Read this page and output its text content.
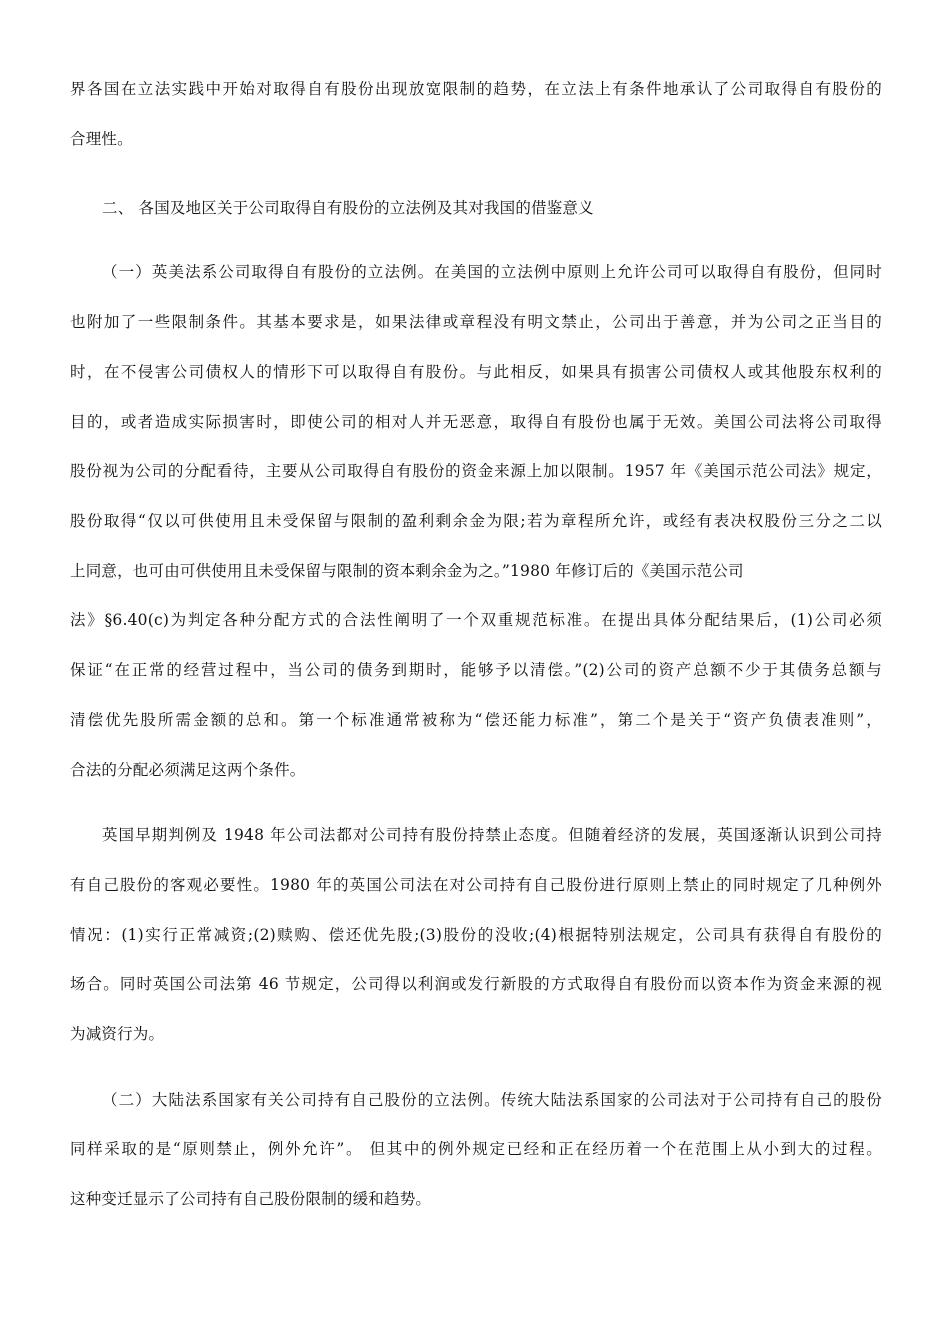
界各国在立法实践中开始对取得自有股份出现放宽限制的趋势，在立法上有条件地承认了公司取得自有股份的
合理性。
二、 各国及地区关于公司取得自有股份的立法例及其对我国的借鉴意义
（一）英美法系公司取得自有股份的立法例。在美国的立法例中原则上允许公司可以取得自有股份，但同时
也附加了一些限制条件。其基本要求是，如果法律或章程没有明文禁止，公司出于善意，并为公司之正当目的
时，在不侵害公司债权人的情形下可以取得自有股份。与此相反，如果具有损害公司债权人或其他股东权利的
目的，或者造成实际损害时，即使公司的相对人并无恶意，取得自有股份也属于无效。美国公司法将公司取得
股份视为公司的分配看待，主要从公司取得自有股份的资金来源上加以限制。1957 年《美国示范公司法》规定，
股份取得“仅以可供使用且未受保留与限制的盈利剩余金为限;若为章程所允许，或经有表决权股份三分之二以
上同意，也可由可供使用且未受保留与限制的资本剩余金为之。”1980 年修订后的《美国示范公司
法》§6.40(c)为判定各种分配方式的合法性阐明了一个双重规范标准。在提出具体分配结果后，(1)公司必须
保证“在正常的经营过程中，当公司的债务到期时，能够予以清偿。”(2)公司的资产总额不少于其债务总额与
清偿优先股所需金额的总和。第一个标准通常被称为“偿还能力标准”，第二个是关于“资产负债表准则”，
合法的分配必须满足这两个条件。
英国早期判例及 1948 年公司法都对公司持有股份持禁止态度。但随着经济的发展，英国逐渐认识到公司持
有自己股份的客观必要性。1980 年的英国公司法在对公司持有自己股份进行原则上禁止的同时规定了几种例外
情况：(1)实行正常减资;(2)赎购、偿还优先股;(3)股份的没收;(4)根据特别法规定，公司具有获得自有股份的
场合。同时英国公司法第 46 节规定，公司得以利润或发行新股的方式取得自有股份而以资本作为资金来源的视
为减资行为。
（二）大陆法系国家有关公司持有自己股份的立法例。传统大陆法系国家的公司法对于公司持有自己的股份
同样采取的是“原则禁止，例外允许”。 但其中的例外规定已经和正在经历着一个在范围上从小到大的过程。
这种变迁显示了公司持有自己股份限制的缓和趋势。
